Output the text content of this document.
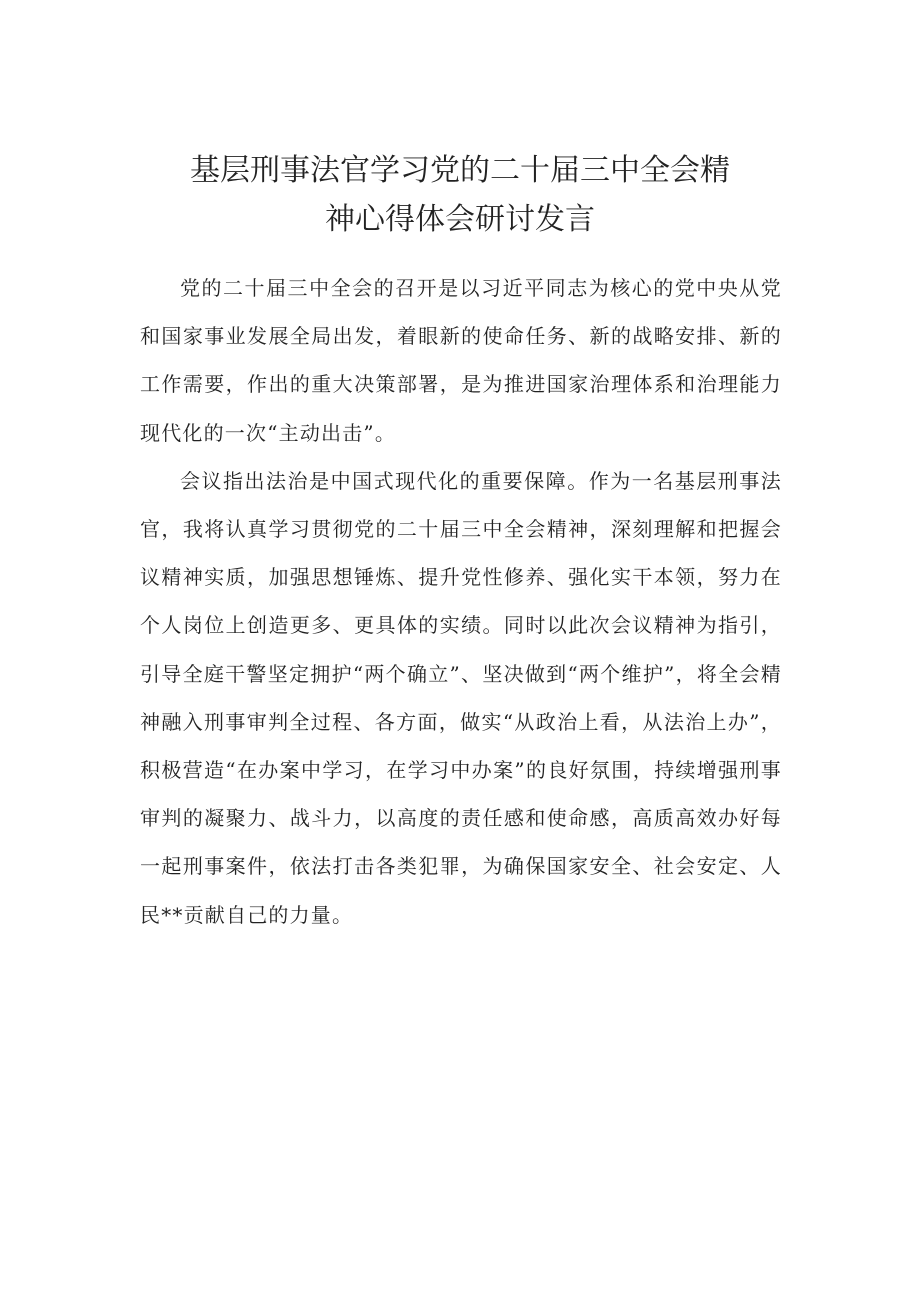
基层刑事法官学习党的二十届三中全会精
神心得体会研讨发言

党的二十届三中全会的召开是以习近平同志为核心的党中央从党和国家事业发展全局出发，着眼新的使命任务、新的战略安排、新的工作需要，作出的重大决策部署，是为推进国家治理体系和治理能力现代化的一次“主动出击”。

会议指出法治是中国式现代化的重要保障。作为一名基层刑事法官，我将认真学习贯彻党的二十届三中全会精神，深刻理解和把握会议精神实质，加强思想锤炼、提升党性修养、强化实干本领，努力在个人岗位上创造更多、更具体的实绩。同时以此次会议精神为指引，引导全庭干警坚定拥护“两个确立”、坚决做到“两个维护”，将全会精神融入刑事审判全过程、各方面，做实“从政治上看，从法治上办”，积极营造“在办案中学习，在学习中办案”的良好氛围，持续增强刑事审判的凝聚力、战斗力，以高度的责任感和使命感，高质高效办好每一起刑事案件，依法打击各类犯罪，为确保国家安全、社会安定、人民**贡献自己的力量。
